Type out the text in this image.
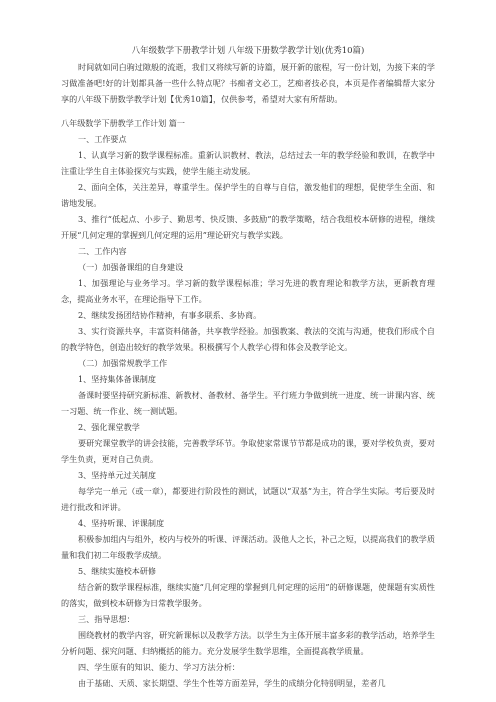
八年级数学下册教学计划 八年级下册数学教学计划(优秀10篇)

时间就如同白驹过隙般的流逝，我们又将续写新的诗篇，展开新的旅程，写一份计划，为接下来的学习做准备吧!好的计划都具备一些什么特点呢？书痴者文必工，艺痴者技必良，本页是作者编辑帮大家分享的八年级下册数学教学计划【优秀10篇】，仅供参考，希望对大家有所帮助。

八年级数学下册教学工作计划 篇一

一、工作要点

1、认真学习新的数学课程标准。重新认识教材、教法，总结过去一年的教学经验和教训，在教学中注重让学生自主体验探究与实践，使学生能主动发展。

2、面向全体，关注差异，尊重学生。保护学生的自尊与自信，激发他们的理想，促使学生全面、和谐地发展。

3、推行“低起点、小步子、勤思考、快反馈、多鼓励”的教学策略，结合我组校本研修的进程，继续开展“几何定理的掌握到几何定理的运用”理论研究与教学实践。

二、工作内容

（一）加强备课组的自身建设

1、加强理论与业务学习。学习新的数学课程标准；学习先进的教育理论和教学方法，更新教育理念，提高业务水平，在理论指导下工作。

2、继续发扬团结协作精神，有事多联系、多协商。

3、实行资源共享，丰富资料储备，共享教学经验。加强教案、教法的交流与沟通，使我们形成个自的教学特色，创造出较好的教学效果。积极撰写个人教学心得和体会及教学论文。

（二）加强常规教学工作

1、坚持集体备课制度

备课时要坚持研究新标准、新教材、备教材、备学生。平行班力争做到统一进度、统一讲课内容、统一习题、统一作业、统一测试题。

2、强化课堂教学

要研究课堂教学的讲会技能，完善教学环节。争取使家常课节节都是成功的课，要对学校负责，要对学生负责，更对自己负责。

3、坚持单元过关制度

每学完一单元（或一章），都要进行阶段性的测试，试题以“双基”为主，符合学生实际。考后要及时进行批改和评讲。

4、坚持听课、评课制度

积极参加组内与组外，校内与校外的听课、评课活动。汲他人之长，补己之短，以提高我们的教学质量和我们初二年级教学成绩。

5、继续实施校本研修

结合新的数学课程标准，继续实施“几何定理的掌握到几何定理的运用”的研修课题，使课题有实质性的落实，做到校本研修为日常教学服务。

三、指导思想：

围绕教材的教学内容，研究新课标以及教学方法。以学生为主体开展丰富多彩的教学活动，培养学生分析问题、探究问题、归纳概括的能力。充分发展学生数学思维，全面提高教学质量。

四、学生原有的知识、能力、学习方法分析：

由于基础、天质、家长期望、学生个性等方面差异，学生的成绩分化特别明显，差者几
